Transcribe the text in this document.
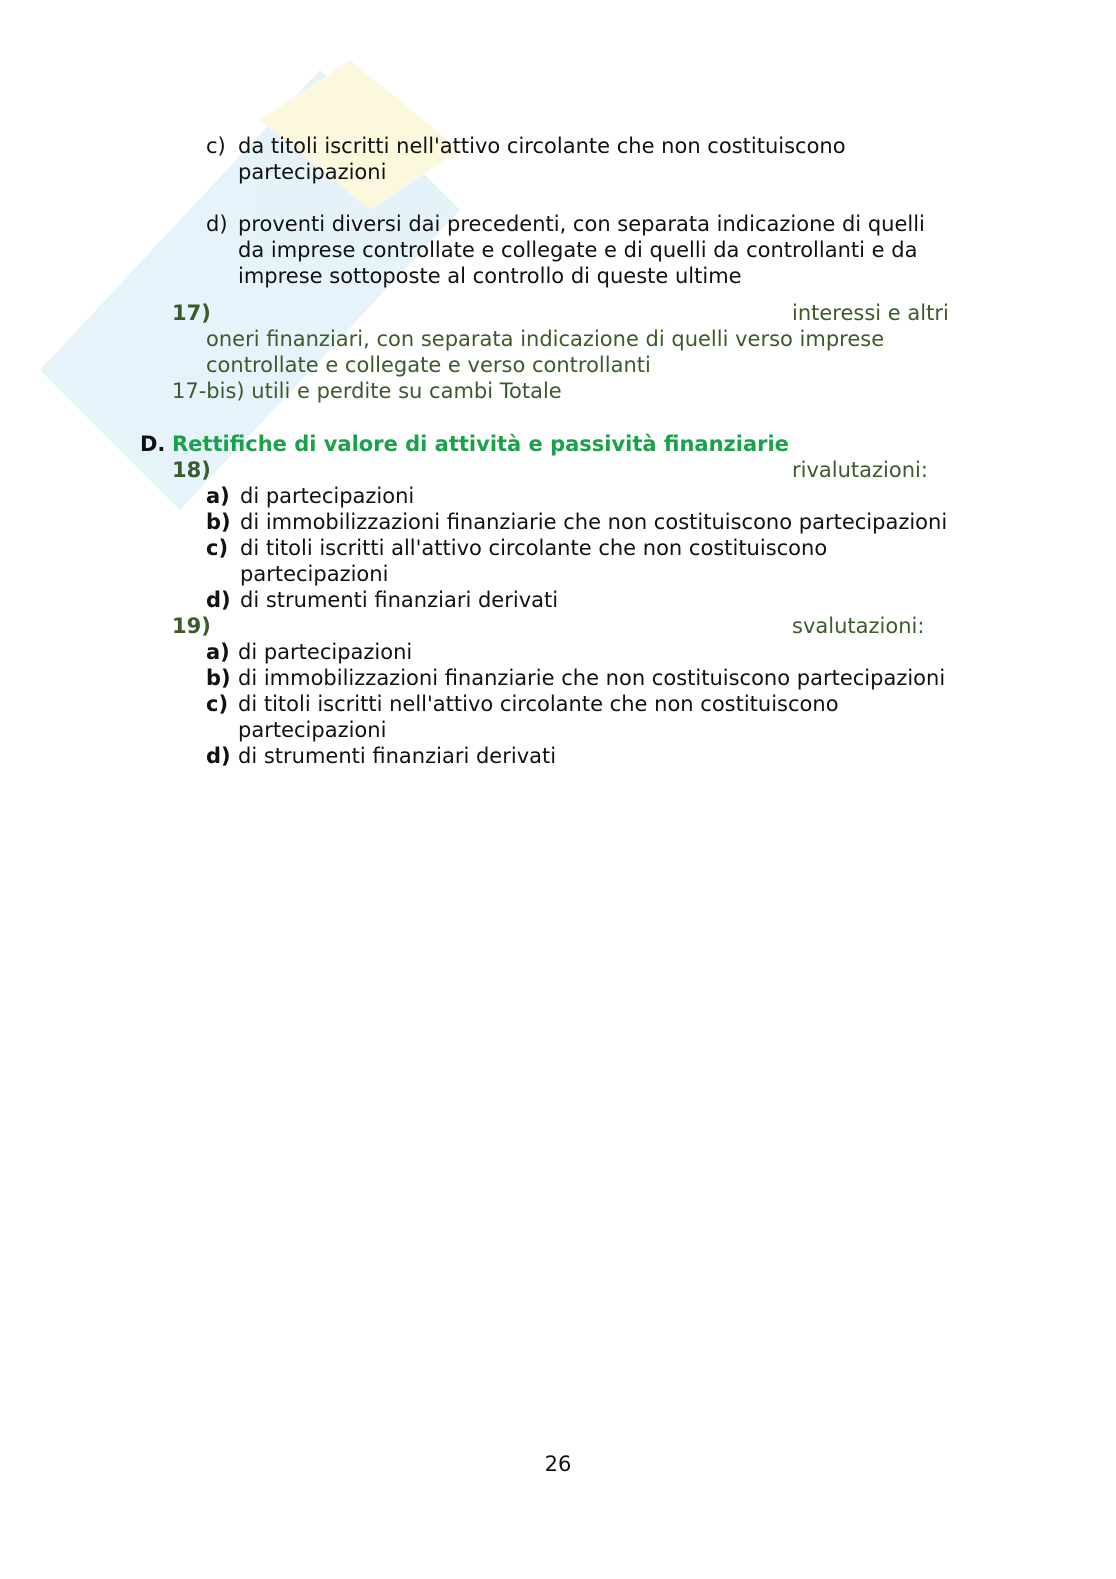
c) da titoli iscritti nell'attivo circolante che non costituiscono
partecipazioni
d) proventi diversi dai precedenti, con separata indicazione di quelli
da imprese controllate e collegate e di quelli da controllanti e da
imprese sottoposte al controllo di queste ultime
17)	interessi e altri
oneri finanziari, con separata indicazione di quelli verso imprese
controllate e collegate e verso controllanti
17-bis) utili e perdite su cambi Totale
D. Rettifiche di valore di attività e passività finanziarie
18)	rivalutazioni:
a) di partecipazioni
b) di immobilizzazioni finanziarie che non costituiscono partecipazioni
c) di titoli iscritti all'attivo circolante che non costituiscono
partecipazioni
d) di strumenti finanziari derivati
19)	svalutazioni:
a) di partecipazioni
b) di immobilizzazioni finanziarie che non costituiscono partecipazioni
c) di titoli iscritti nell'attivo circolante che non costituiscono
partecipazioni
d) di strumenti finanziari derivati
26
